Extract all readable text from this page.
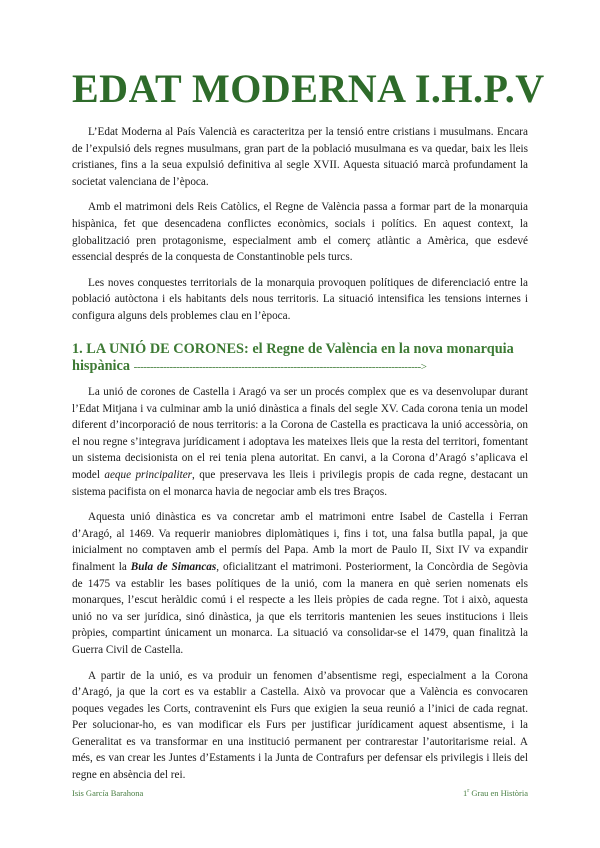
EDAT MODERNA I.H.P.V

L’Edat Moderna al País Valencià es caracteritza per la tensió entre cristians i musulmans. Encara de l’expulsió dels regnes musulmans, gran part de la població musulmana es va quedar, baix les lleis cristianes, fins a la seua expulsió definitiva al segle XVII. Aquesta situació marcà profundament la societat valenciana de l’època.

Amb el matrimoni dels Reis Catòlics, el Regne de València passa a formar part de la monarquia hispànica, fet que desencadena conflictes econòmics, socials i polítics. En aquest context, la globalització pren protagonisme, especialment amb el comerç atlàntic a Amèrica, que esdevé essencial després de la conquesta de Constantinoble pels turcs.

Les noves conquestes territorials de la monarquia provoquen polítiques de diferenciació entre la població autòctona i els habitants dels nous territoris. La situació intensifica les tensions internes i configura alguns dels problemes clau en l’època.

1. LA UNIÓ DE CORONES: el Regne de València en la nova monarquia hispànica ---------------------------------------------------------------------------------------->

La unió de corones de Castella i Aragó va ser un procés complex que es va desenvolupar durant l’Edat Mitjana i va culminar amb la unió dinàstica a finals del segle XV. Cada corona tenia un model diferent d’incorporació de nous territoris: a la Corona de Castella es practicava la unió accessòria, on el nou regne s’integrava jurídicament i adoptava les mateixes lleis que la resta del territori, fomentant un sistema decisionista on el rei tenia plena autoritat. En canvi, a la Corona d’Aragó s’aplicava el model aeque principaliter, que preservava les lleis i privilegis propis de cada regne, destacant un sistema pacifista on el monarca havia de negociar amb els tres Braços.

Aquesta unió dinàstica es va concretar amb el matrimoni entre Isabel de Castella i Ferran d’Aragó, al 1469. Va requerir maniobres diplomàtiques i, fins i tot, una falsa butlla papal, ja que inicialment no comptaven amb el permís del Papa. Amb la mort de Paulo II, Sixt IV va expandir finalment la Bula de Simancas, oficialitzant el matrimoni. Posteriorment, la Concòrdia de Segòvia de 1475 va establir les bases polítiques de la unió, com la manera en què serien nomenats els monarques, l’escut heràldic comú i el respecte a les lleis pròpies de cada regne. Tot i això, aquesta unió no va ser jurídica, sinó dinàstica, ja que els territoris mantenien les seues institucions i lleis pròpies, compartint únicament un monarca. La situació va consolidar-se el 1479, quan finalitzà la Guerra Civil de Castella.

A partir de la unió, es va produir un fenomen d’absentisme regi, especialment a la Corona d’Aragó, ja que la cort es va establir a Castella. Això va provocar que a València es convocaren poques vegades les Corts, contravenint els Furs que exigien la seua reunió a l’inici de cada regnat. Per solucionar-ho, es van modificar els Furs per justificar jurídicament aquest absentisme, i la Generalitat es va transformar en una institució permanent per contrarestar l’autoritarisme reial. A més, es van crear les Juntes d’Estaments i la Junta de Contrafurs per defensar els privilegis i lleis del regne en absència del rei.

Isis García Barahona	1$^r$ Grau en Història
